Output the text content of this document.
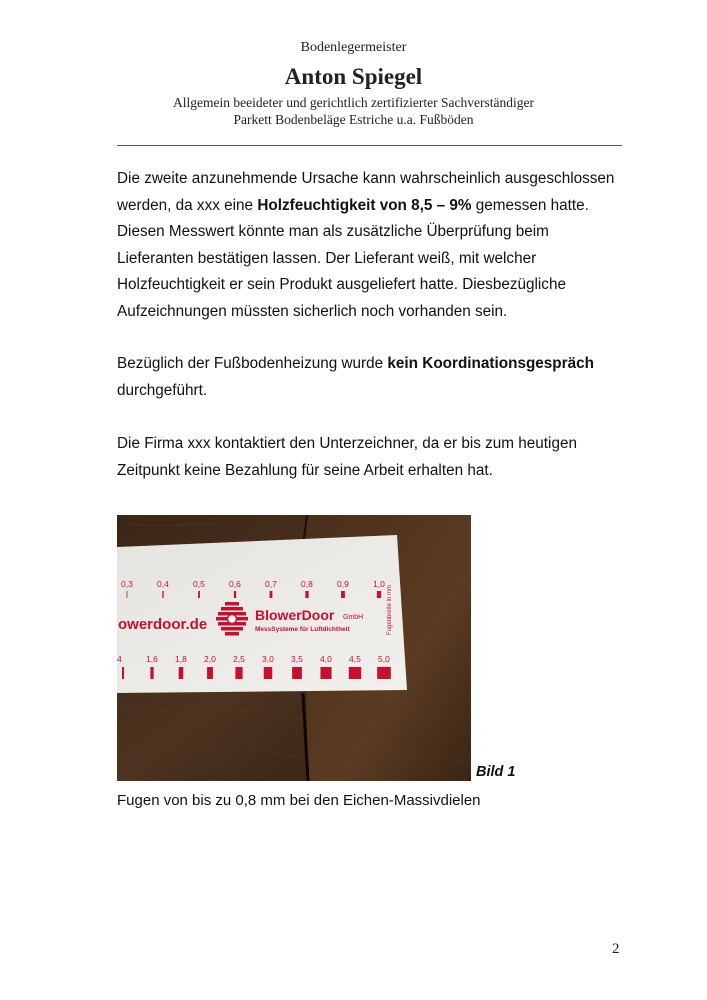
Bodenlegermeister
Anton Spiegel
Allgemein beeideter und gerichtlich zertifizierter Sachverständiger
Parkett Bodenbeläge Estriche u.a. Fußböden

Die zweite anzunehmende Ursache kann wahrscheinlich ausgeschlossen werden, da xxx eine Holzfeuchtigkeit von 8,5 – 9% gemessen hatte. Diesen Messwert könnte man als zusätzliche Überprüfung beim Lieferanten bestätigen lassen. Der Lieferant weiß, mit welcher Holzfeuchtigkeit er sein Produkt ausgeliefert hatte. Diesbezügliche Aufzeichnungen müssten sicherlich noch vorhanden sein.

Bezüglich der Fußbodenheizung wurde kein Koordinationsgespräch durchgeführt.

Die Firma xxx kontaktiert den Unterzeichner, da er bis zum heutigen Zeitpunkt keine Bezahlung für seine Arbeit erhalten hat.

0,3	0,4	0,5	0,6	0,7	0,8	0,9	1,0
4	1,6 1,8 2,0 2,5 3,0 3,5 4,0 4,5 5,0
owerdoor.de
BlowerDoor GmbH
MessSysteme für Luftdichtheit	Fugenbreite in mm
Bild 1
Fugen von bis zu 0,8 mm bei den Eichen-Massivdielen
2
